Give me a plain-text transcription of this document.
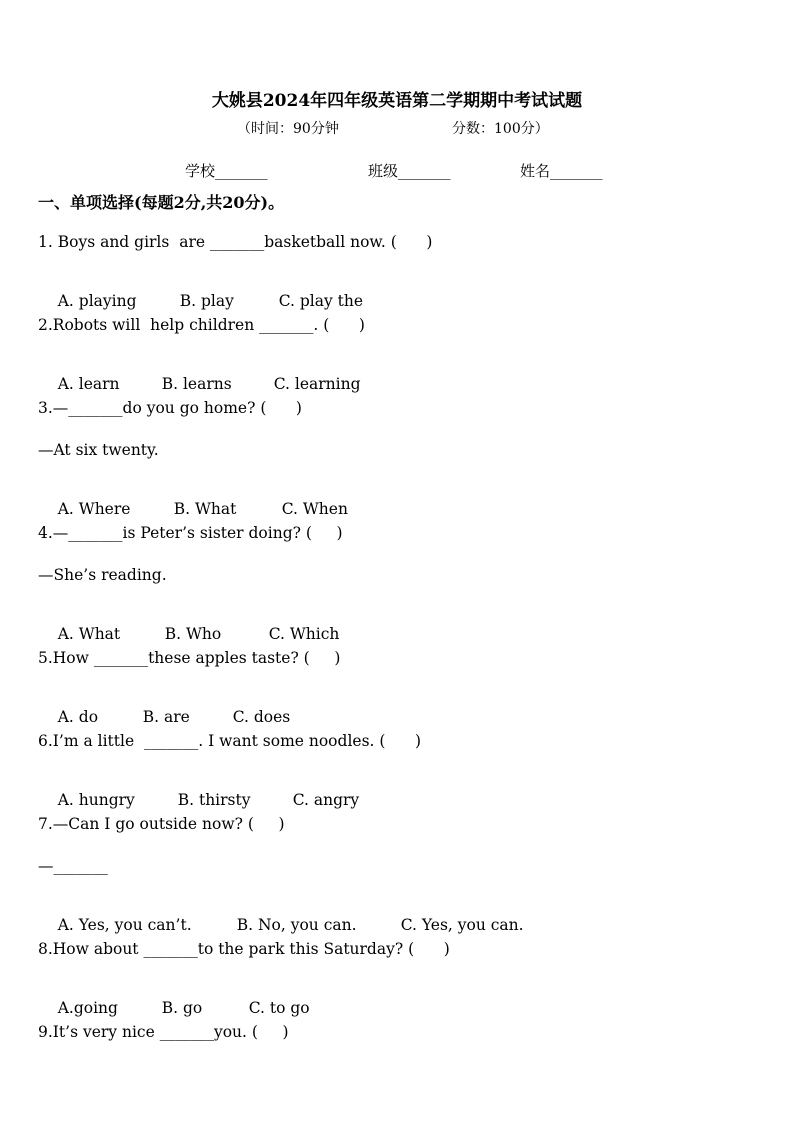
大姚县2024年四年级英语第二学期期中考试试题
（时间：90分钟	分数：100分）
学校_______	班级_______	姓名_______
一、单项选择(每题2分,共20分)。
1. Boys and girls  are _______basketball now. (      )

A. playing	B. play	C. play the

2.Robots will  help children _______. (      )

A. learn	B. learns	C. learning

3.—_______do you go home? (      )
—At six twenty.

A. Where	B. What	C. When

4.—_______is Peter’s sister doing? (     )
—She’s reading.

A. What	B. Who	C. Which

5.How _______these apples taste? (     )

A. do	B. are	C. does

6.I’m a little  _______. I want some noodles. (      )

A. hungry	B. thirsty	C. angry

7.—Can I go outside now? (     )
—_______

A. Yes, you can’t.	B. No, you can.	C. Yes, you can.

8.How about _______to the park this Saturday? (      )

A.going	B. go	C. to go

9.It’s very nice _______you. (     )
